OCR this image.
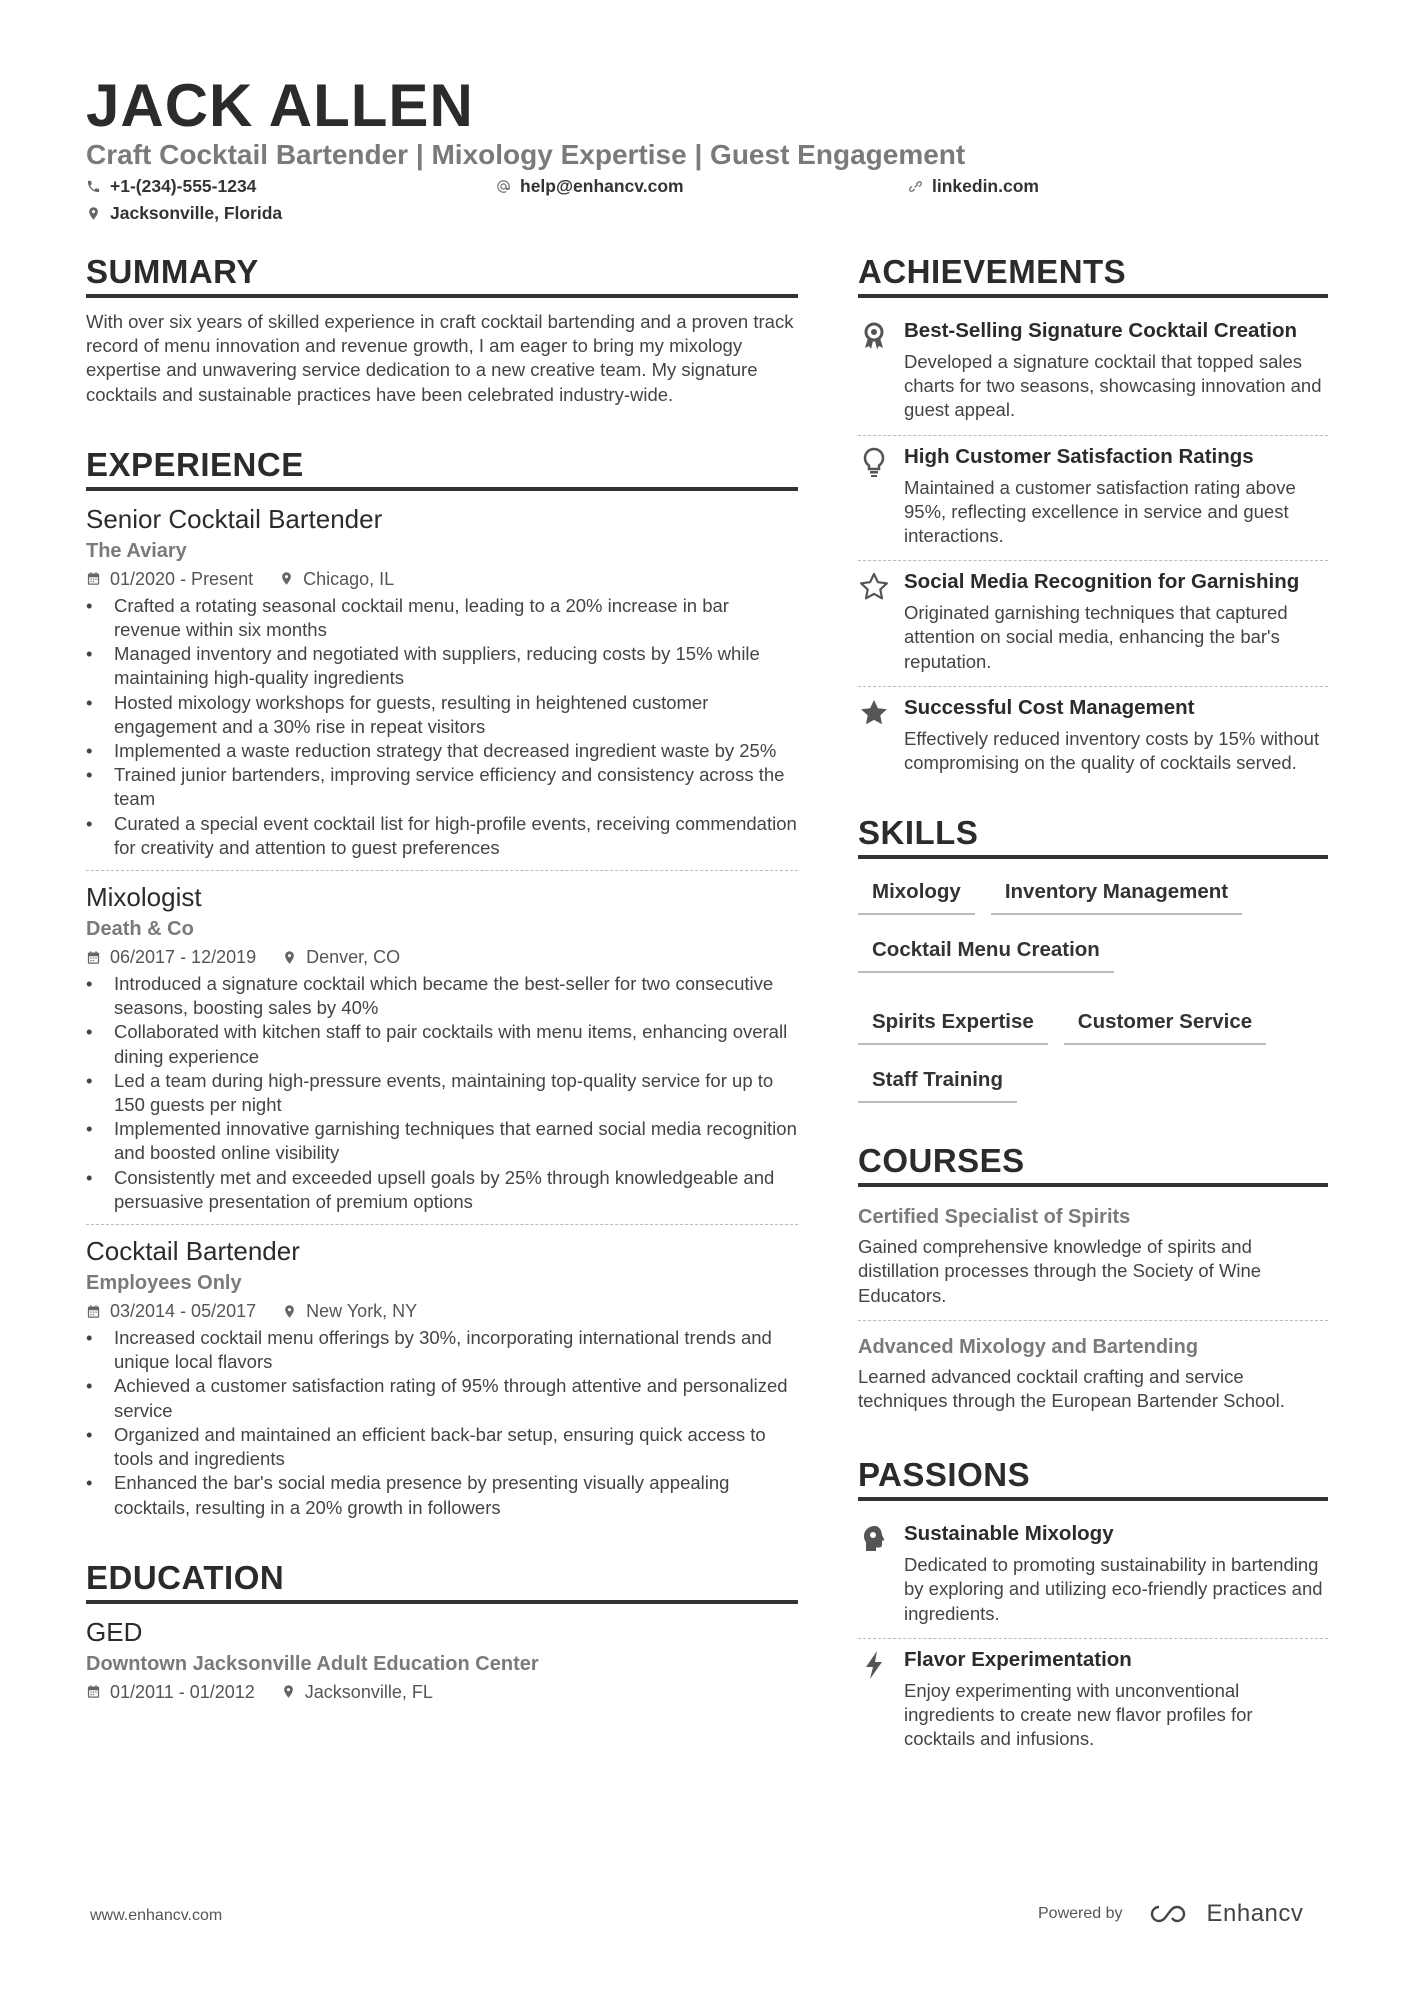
JACK ALLEN
Craft Cocktail Bartender | Mixology Expertise | Guest Engagement
+1-(234)-555-1234	help@enhancv.com	linkedin.com
Jacksonville, Florida
SUMMARY
With over six years of skilled experience in craft cocktail bartending and a proven track record of menu innovation and revenue growth, I am eager to bring my mixology expertise and unwavering service dedication to a new creative team. My signature cocktails and sustainable practices have been celebrated industry-wide.
EXPERIENCE
Senior Cocktail Bartender
The Aviary
01/2020 - Present	Chicago, IL
• Crafted a rotating seasonal cocktail menu, leading to a 20% increase in bar revenue within six months
• Managed inventory and negotiated with suppliers, reducing costs by 15% while maintaining high-quality ingredients
• Hosted mixology workshops for guests, resulting in heightened customer engagement and a 30% rise in repeat visitors
• Implemented a waste reduction strategy that decreased ingredient waste by 25%
• Trained junior bartenders, improving service efficiency and consistency across the team
• Curated a special event cocktail list for high-profile events, receiving commendation for creativity and attention to guest preferences
Mixologist
Death & Co
06/2017 - 12/2019	Denver, CO
• Introduced a signature cocktail which became the best-seller for two consecutive seasons, boosting sales by 40%
• Collaborated with kitchen staff to pair cocktails with menu items, enhancing overall dining experience
• Led a team during high-pressure events, maintaining top-quality service for up to 150 guests per night
• Implemented innovative garnishing techniques that earned social media recognition and boosted online visibility
• Consistently met and exceeded upsell goals by 25% through knowledgeable and persuasive presentation of premium options
Cocktail Bartender
Employees Only
03/2014 - 05/2017	New York, NY
• Increased cocktail menu offerings by 30%, incorporating international trends and unique local flavors
• Achieved a customer satisfaction rating of 95% through attentive and personalized service
• Organized and maintained an efficient back-bar setup, ensuring quick access to tools and ingredients
• Enhanced the bar's social media presence by presenting visually appealing cocktails, resulting in a 20% growth in followers
EDUCATION
GED
Downtown Jacksonville Adult Education Center
01/2011 - 01/2012	Jacksonville, FL
ACHIEVEMENTS
Best-Selling Signature Cocktail Creation
Developed a signature cocktail that topped sales charts for two seasons, showcasing innovation and guest appeal.
High Customer Satisfaction Ratings
Maintained a customer satisfaction rating above 95%, reflecting excellence in service and guest interactions.
Social Media Recognition for Garnishing
Originated garnishing techniques that captured attention on social media, enhancing the bar's reputation.
Successful Cost Management
Effectively reduced inventory costs by 15% without compromising on the quality of cocktails served.
SKILLS
Mixology	Inventory Management
Cocktail Menu Creation
Spirits Expertise	Customer Service
Staff Training
COURSES
Certified Specialist of Spirits
Gained comprehensive knowledge of spirits and distillation processes through the Society of Wine Educators.
Advanced Mixology and Bartending
Learned advanced cocktail crafting and service techniques through the European Bartender School.
PASSIONS
Sustainable Mixology
Dedicated to promoting sustainability in bartending by exploring and utilizing eco-friendly practices and ingredients.
Flavor Experimentation
Enjoy experimenting with unconventional ingredients to create new flavor profiles for cocktails and infusions.
www.enhancv.com	Powered by	Enhancv
